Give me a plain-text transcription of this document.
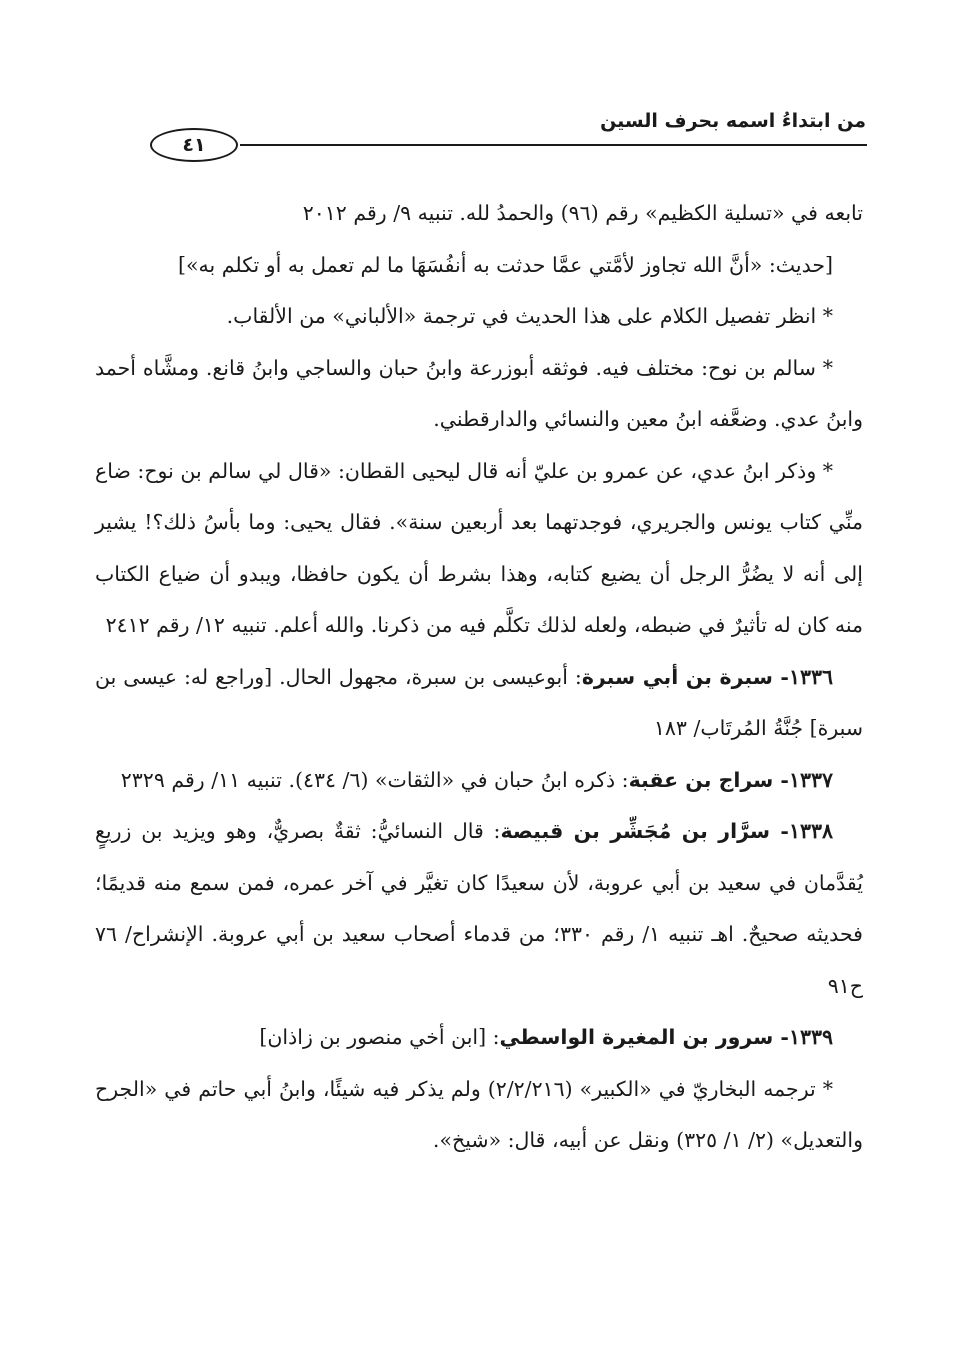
من ابتداءُ اسمه بحرف السين
٤١

تابعه في «تسلية الكظيم» رقم (٩٦) والحمدُ لله. تنبيه ٩/ رقم ٢٠١٢

[حديث: «أنَّ الله تجاوز لأمَّتي عمَّا حدثت به أنفُسَهَا ما لم تعمل به أو تكلم به»]

* انظر تفصيل الكلام على هذا الحديث في ترجمة «الألباني» من الألقاب.

* سالم بن نوح: مختلف فيه. فوثقه أبوزرعة وابنُ حبان والساجي وابنُ قانع. ومشَّاه أحمد وابنُ عدي. وضعَّفه ابنُ معين والنسائي والدارقطني.

* وذكر ابنُ عدي، عن عمرو بن عليّ أنه قال ليحيى القطان: «قال لي سالم بن نوح: ضاع منِّي كتاب يونس والجريري، فوجدتهما بعد أربعين سنة». فقال يحيى: وما بأسُ ذلك؟! يشير إلى أنه لا يضُرُّ الرجل أن يضيع كتابه، وهذا بشرط أن يكون حافظا، ويبدو أن ضياع الكتاب منه كان له تأثيرٌ في ضبطه، ولعله لذلك تكلَّم فيه من ذكرنا. والله أعلم. تنبيه ١٢/ رقم ٢٤١٢

١٣٣٦- سبرة بن أبي سبرة: أبوعيسى بن سبرة، مجهول الحال. [وراجع له: عيسى بن سبرة] جُنَّةُ المُرتَاب/ ١٨٣

١٣٣٧- سراج بن عقبة: ذكره ابنُ حبان في «الثقات» (٦/ ٤٣٤). تنبيه ١١/ رقم ٢٣٢٩

١٣٣٨- سرَّار بن مُجَشِّر بن قبيصة: قال النسائيُّ: ثقةٌ بصريٌّ، وهو ويزيد بن زريعٍ يُقدَّمان في سعيد بن أبي عروبة، لأن سعيدًا كان تغيَّر في آخر عمره، فمن سمع منه قديمًا؛ فحديثه صحيحٌ. اهـ تنبيه ١/ رقم ٣٣٠؛ من قدماء أصحاب سعيد بن أبي عروبة. الإنشراح/ ٧٦ ح٩١

١٣٣٩- سرور بن المغيرة الواسطي: [ابن أخي منصور بن زاذان]

* ترجمه البخاريّ في «الكبير» (٢/٢/٢١٦) ولم يذكر فيه شيئًا، وابنُ أبي حاتم في «الجرح والتعديل» (٢/ ١/ ٣٢٥) ونقل عن أبيه، قال: «شيخ».
